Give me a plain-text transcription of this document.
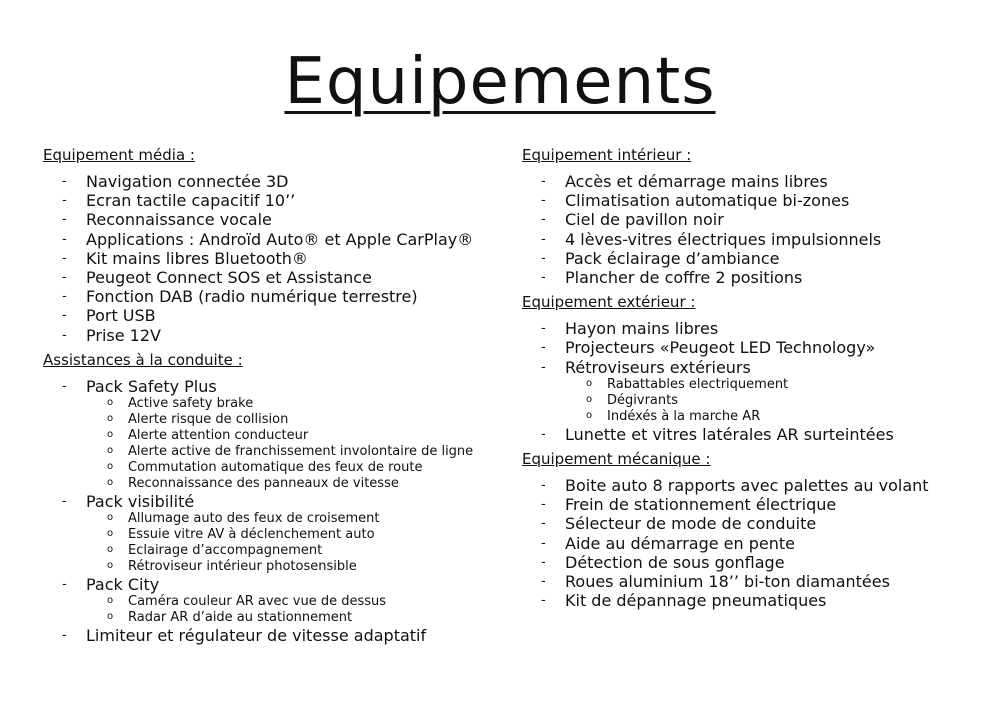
Equipements
Equipement média :
- Navigation connectée 3D
- Ecran tactile capacitif 10’’
- Reconnaissance vocale
- Applications : Androïd Auto® et Apple CarPlay®
- Kit mains libres Bluetooth®
- Peugeot Connect SOS et Assistance
- Fonction DAB (radio numérique terrestre)
- Port USB
- Prise 12V
Assistances à la conduite :
- Pack Safety Plus
o Active safety brake
o Alerte risque de collision
o Alerte attention conducteur
o Alerte active de franchissement involontaire de ligne
o Commutation automatique des feux de route
o Reconnaissance des panneaux de vitesse
- Pack visibilité
o Allumage auto des feux de croisement
o Essuie vitre AV à déclenchement auto
o Eclairage d’accompagnement
o Rétroviseur intérieur photosensible
- Pack City
o Caméra couleur AR avec vue de dessus
o Radar AR d’aide au stationnement
- Limiteur et régulateur de vitesse adaptatif
Equipement intérieur :
- Accès et démarrage mains libres
- Climatisation automatique bi-zones
- Ciel de pavillon noir
- 4 lèves-vitres électriques impulsionnels
- Pack éclairage d’ambiance
- Plancher de coffre 2 positions
Equipement extérieur :
- Hayon mains libres
- Projecteurs «Peugeot LED Technology»
- Rétroviseurs extérieurs
o Rabattables electriquement
o Dégivrants
o Indéxés à la marche AR
- Lunette et vitres latérales AR surteintées
Equipement mécanique :
- Boite auto 8 rapports avec palettes au volant
- Frein de stationnement électrique
- Sélecteur de mode de conduite
- Aide au démarrage en pente
- Détection de sous gonflage
- Roues aluminium 18’’ bi-ton diamantées
- Kit de dépannage pneumatiques
